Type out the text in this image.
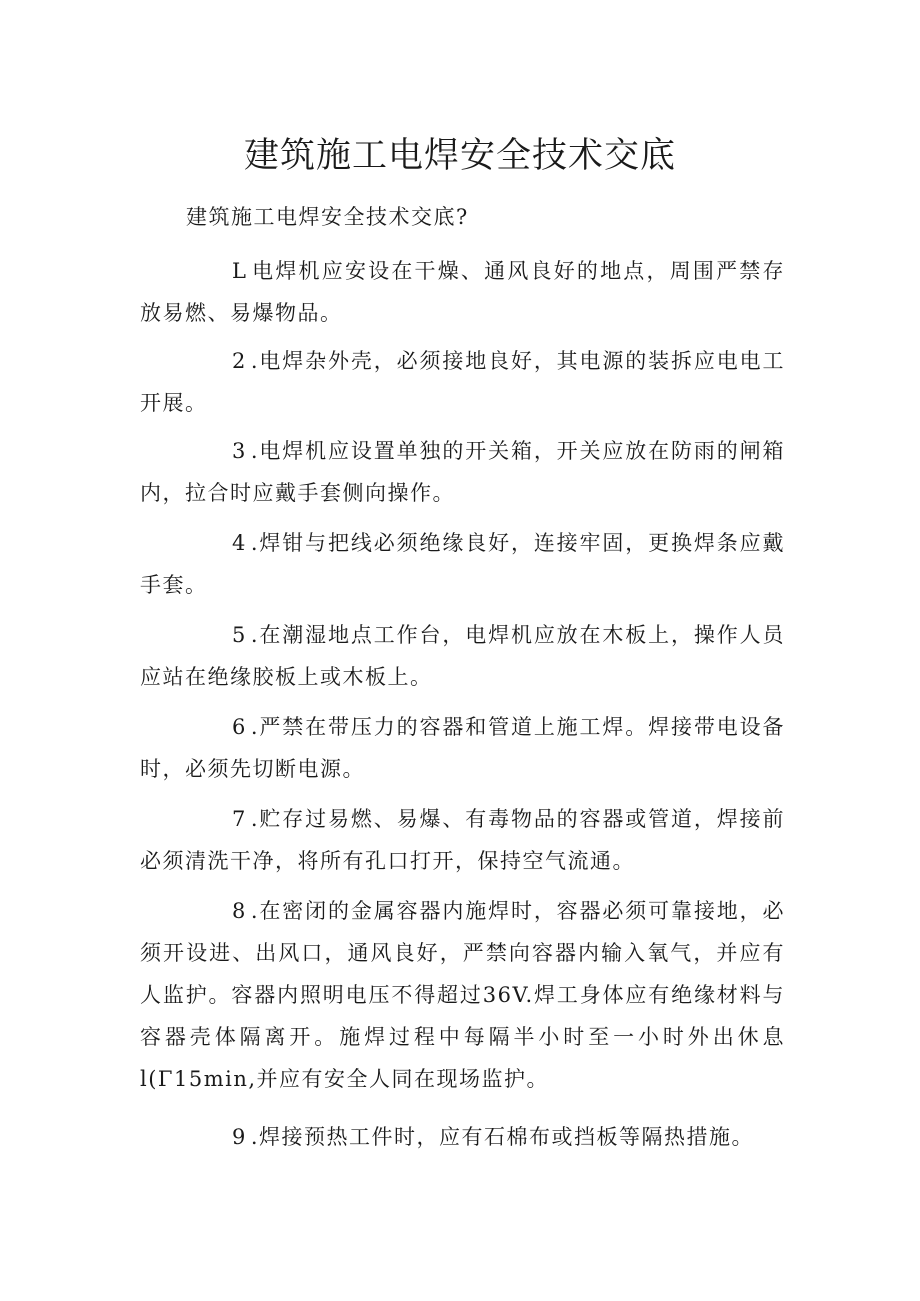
建筑施工电焊安全技术交底

建筑施工电焊安全技术交底?

L 电焊机应安设在干燥、通风良好的地点，周围严禁存放易燃、易爆物品。

2 .电焊杂外壳，必须接地良好，其电源的装拆应电电工开展。

3 .电焊机应设置单独的开关箱，开关应放在防雨的闸箱内，拉合时应戴手套侧向操作。

4 .焊钳与把线必须绝缘良好，连接牢固，更换焊条应戴手套。

5 .在潮湿地点工作台，电焊机应放在木板上，操作人员应站在绝缘胶板上或木板上。

6 .严禁在带压力的容器和管道上施工焊。焊接带电设备时，必须先切断电源。

7 .贮存过易燃、易爆、有毒物品的容器或管道，焊接前必须清洗干净，将所有孔口打开，保持空气流通。

8 .在密闭的金属容器内施焊时，容器必须可靠接地，必须开设进、出风口，通风良好，严禁向容器内输入氧气，并应有人监护。容器内照明电压不得超过36V.焊工身体应有绝缘材料与容器壳体隔离开。施焊过程中每隔半小时至一小时外出休息l(Γ15min,并应有安全人同在现场监护。

9 .焊接预热工件时，应有石棉布或挡板等隔热措施。
